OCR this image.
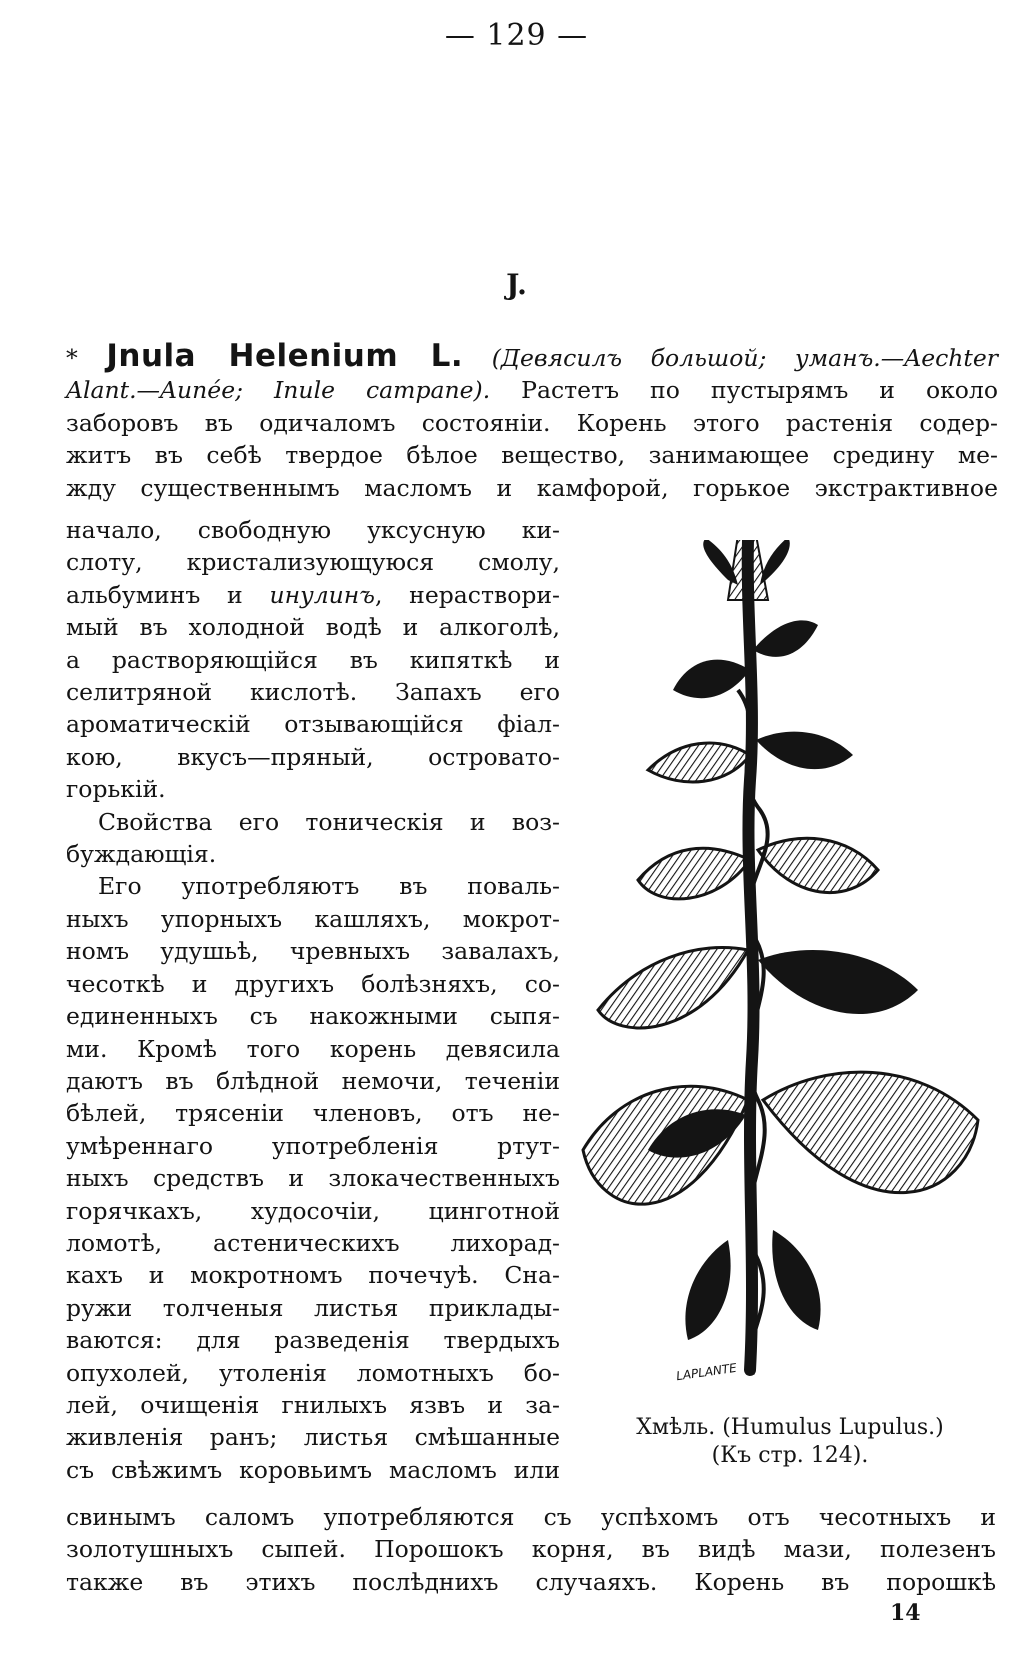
— 129 —
J.
* Jnula Helenium L. (Девясилъ большой; уманъ.—Aechter
Alant.—Aunée; Inule campane). Растетъ по пустырямъ и около
заборовъ въ одичаломъ состояніи. Корень этого растенія содер-
житъ въ себѣ твердое бѣлое вещество, занимающее средину ме-
жду существеннымъ масломъ и камфорой, горькое экстрактивное
начало, свободную уксусную ки-
слоту, кристализующуюся смолу,
альбуминъ и инулинъ, нераствори-
мый въ холодной водѣ и алкоголѣ,
а растворяющійся въ кипяткѣ и
селитряной кислотѣ. Запахъ его
ароматическій отзывающійся фіал-
кою, вкусъ—пряный, островато-
горькій.
Свойства его тоническія и воз-
буждающія.
Его употребляютъ въ поваль-
ныхъ упорныхъ кашляхъ, мокрот-
номъ удушьѣ, чревныхъ завалахъ,
чесоткѣ и другихъ болѣзняхъ, со-
единенныхъ съ накожными сыпя-
ми. Кромѣ того корень девясила
даютъ въ блѣдной немочи, теченіи
бѣлей, трясеніи членовъ, отъ не-
умѣреннаго употребленія ртут-
ныхъ средствъ и злокачественныхъ
горячкахъ, худосочіи, цинготной
ломотѣ, астеническихъ лихорад-
кахъ и мокротномъ почечуѣ. Сна-
ружи толченыя листья приклады-
ваются: для разведенія твердыхъ
опухолей, утоленія ломотныхъ бо-
лей, очищенія гнилыхъ язвъ и за-
живленія ранъ; листья смѣшанные
съ свѣжимъ коровьимъ масломъ или
LAPLANTE
Хмѣль. (Humulus Lupulus.)
(Къ стр. 124).
свинымъ саломъ употребляются съ успѣхомъ отъ чесотныхъ и
золотушныхъ сыпей. Порошокъ корня, въ видѣ мази, полезенъ
также въ этихъ послѣднихъ случаяхъ. Корень въ порошкѣ
14
